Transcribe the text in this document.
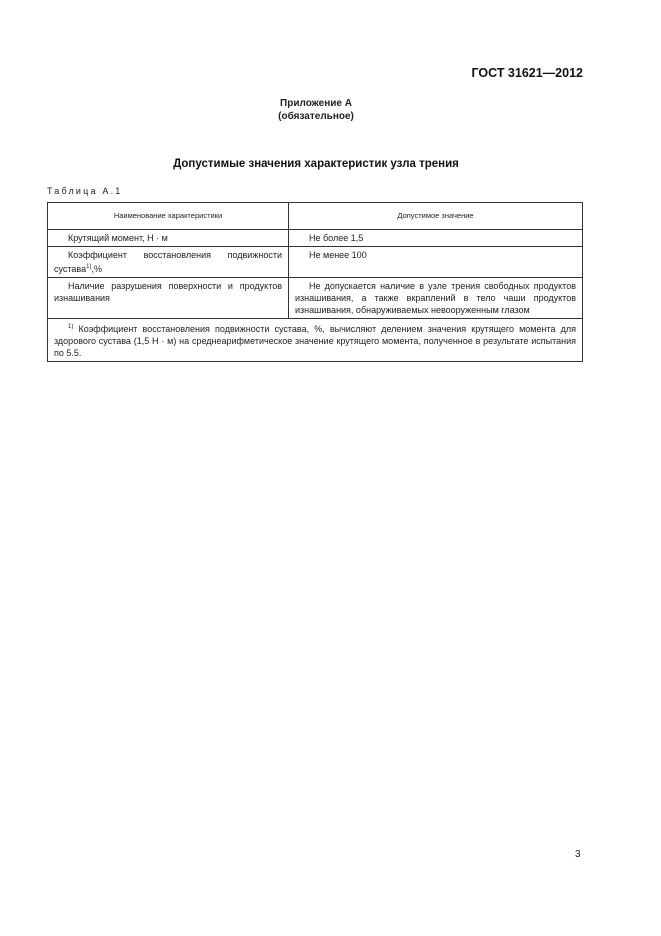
ГОСТ 31621—2012
Приложение А
(обязательное)
Допустимые значения характеристик узла трения
Таблица А.1
Наименование характеристики	Допустимое значение
Крутящий момент, Н · м	Не более 1,5
Коэффициент восстановления подвижности сустава$^{1)}$,%	Не менее 100
Наличие разрушения поверхности и продуктов изнашивания	Не допускается наличие в узле трения свободных продуктов изнашивания, а также вкраплений в тело чаши продуктов изнашивания, обнаруживаемых невооруженным глазом
$^{1)}$ Коэффициент восстановления подвижности сустава, %, вычисляют делением значения крутящего момента для здорового сустава (1,5 Н · м) на среднеарифметическое значение крутящего момента, полученное в результате испытания по 5.5.	
3
